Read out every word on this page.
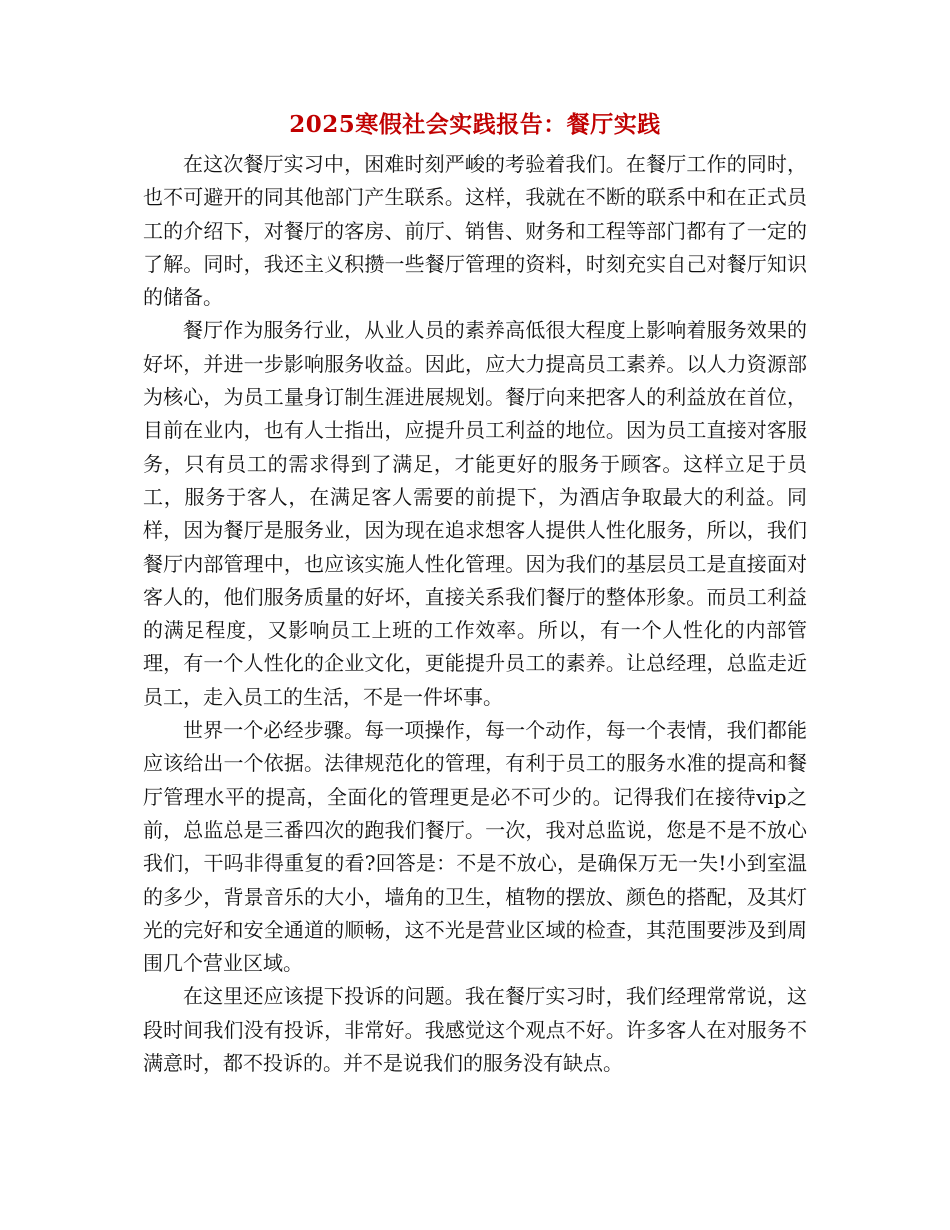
2025寒假社会实践报告：餐厅实践

在这次餐厅实习中，困难时刻严峻的考验着我们。在餐厅工作的同时，也不可避开的同其他部门产生联系。这样，我就在不断的联系中和在正式员工的介绍下，对餐厅的客房、前厅、销售、财务和工程等部门都有了一定的了解。同时，我还主义积攒一些餐厅管理的资料，时刻充实自己对餐厅知识的储备。

餐厅作为服务行业，从业人员的素养高低很大程度上影响着服务效果的好坏，并进一步影响服务收益。因此，应大力提高员工素养。以人力资源部为核心，为员工量身订制生涯进展规划。餐厅向来把客人的利益放在首位，目前在业内，也有人士指出，应提升员工利益的地位。因为员工直接对客服务，只有员工的需求得到了满足，才能更好的服务于顾客。这样立足于员工，服务于客人，在满足客人需要的前提下，为酒店争取最大的利益。同样，因为餐厅是服务业，因为现在追求想客人提供人性化服务，所以，我们餐厅内部管理中，也应该实施人性化管理。因为我们的基层员工是直接面对客人的，他们服务质量的好坏，直接关系我们餐厅的整体形象。而员工利益的满足程度，又影响员工上班的工作效率。所以，有一个人性化的内部管理，有一个人性化的企业文化，更能提升员工的素养。让总经理，总监走近员工，走入员工的生活，不是一件坏事。

世界一个必经步骤。每一项操作，每一个动作，每一个表情，我们都能应该给出一个依据。法律规范化的管理，有利于员工的服务水准的提高和餐厅管理水平的提高，全面化的管理更是必不可少的。记得我们在接待vip之前，总监总是三番四次的跑我们餐厅。一次，我对总监说，您是不是不放心我们，干吗非得重复的看?回答是：不是不放心，是确保万无一失!小到室温的多少，背景音乐的大小，墙角的卫生，植物的摆放、颜色的搭配，及其灯光的完好和安全通道的顺畅，这不光是营业区域的检查，其范围要涉及到周围几个营业区域。

在这里还应该提下投诉的问题。我在餐厅实习时，我们经理常常说，这段时间我们没有投诉，非常好。我感觉这个观点不好。许多客人在对服务不满意时，都不投诉的。并不是说我们的服务没有缺点。
